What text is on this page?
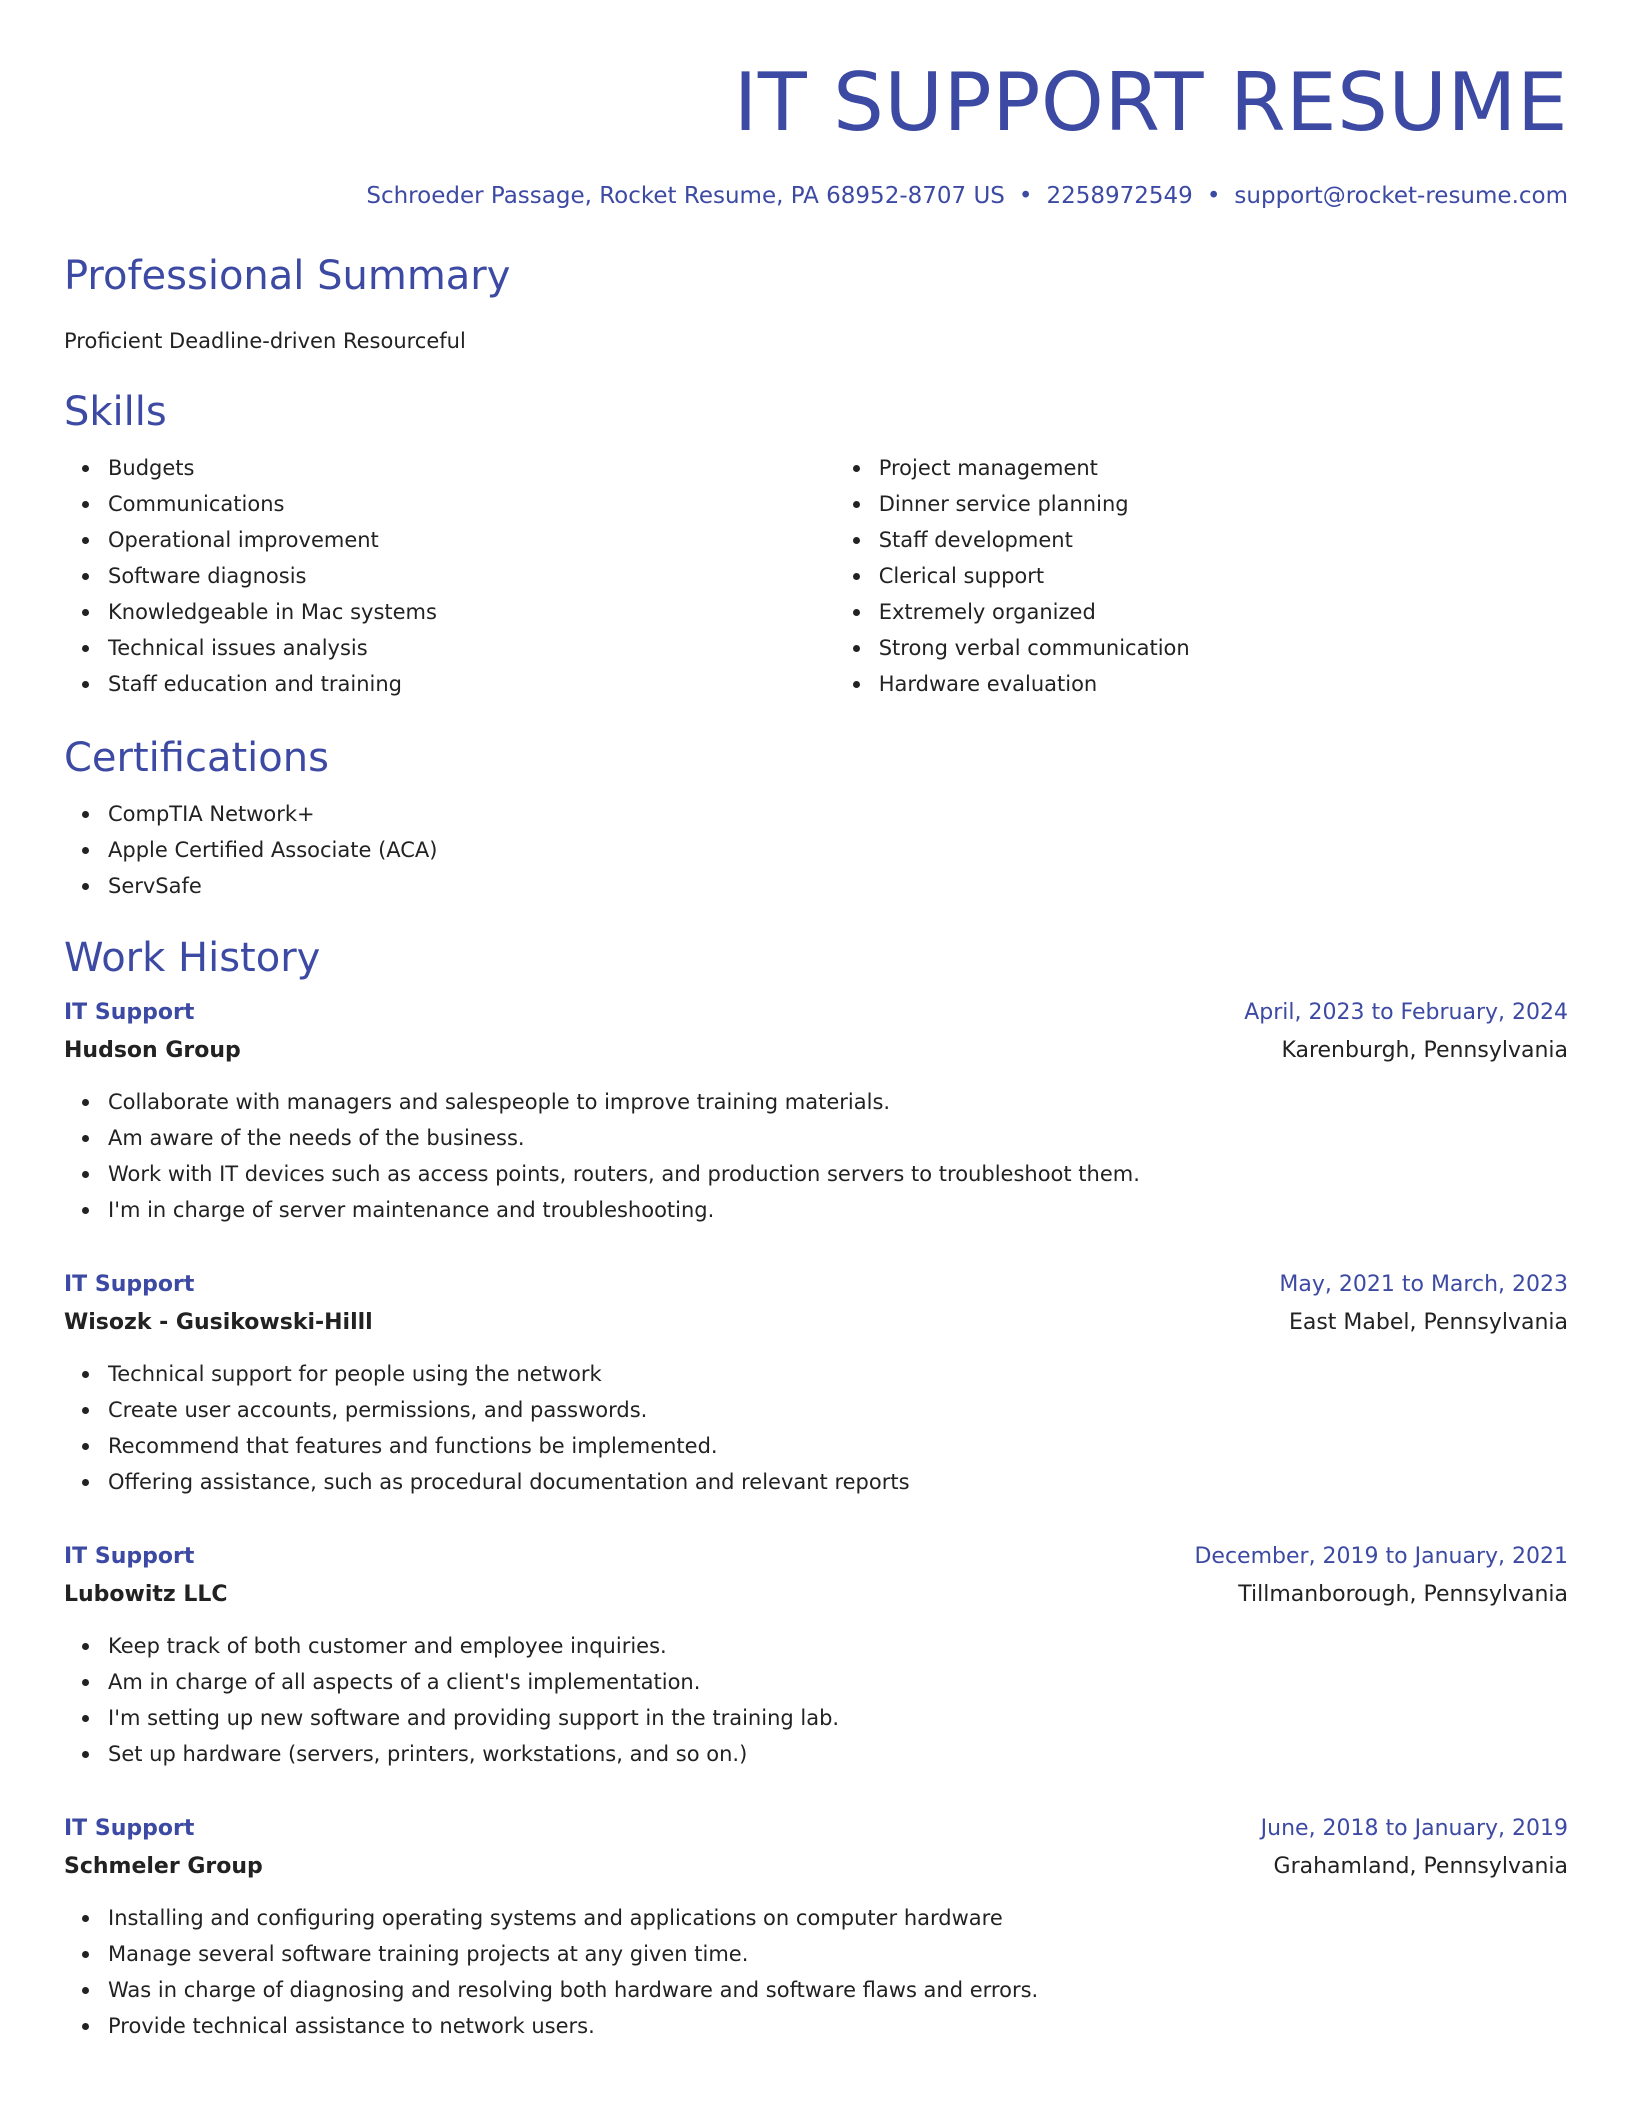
IT SUPPORT RESUME
Schroeder Passage, Rocket Resume, PA 68952-8707 US • 2258972549 • support@rocket-resume.com
Professional Summary
Proficient Deadline-driven Resourceful
Skills
Budgets
Communications
Operational improvement
Software diagnosis
Knowledgeable in Mac systems
Technical issues analysis
Staff education and training
Project management
Dinner service planning
Staff development
Clerical support
Extremely organized
Strong verbal communication
Hardware evaluation
Certifications
CompTIA Network+
Apple Certified Associate (ACA)
ServSafe
Work History
IT Support	April, 2023 to February, 2024
Hudson Group	Karenburgh, Pennsylvania
Collaborate with managers and salespeople to improve training materials.
Am aware of the needs of the business.
Work with IT devices such as access points, routers, and production servers to troubleshoot them.
I'm in charge of server maintenance and troubleshooting.
IT Support	May, 2021 to March, 2023
Wisozk - Gusikowski-Hilll	East Mabel, Pennsylvania
Technical support for people using the network
Create user accounts, permissions, and passwords.
Recommend that features and functions be implemented.
Offering assistance, such as procedural documentation and relevant reports
IT Support	December, 2019 to January, 2021
Lubowitz LLC	Tillmanborough, Pennsylvania
Keep track of both customer and employee inquiries.
Am in charge of all aspects of a client's implementation.
I'm setting up new software and providing support in the training lab.
Set up hardware (servers, printers, workstations, and so on.)
IT Support	June, 2018 to January, 2019
Schmeler Group	Grahamland, Pennsylvania
Installing and configuring operating systems and applications on computer hardware
Manage several software training projects at any given time.
Was in charge of diagnosing and resolving both hardware and software flaws and errors.
Provide technical assistance to network users.
